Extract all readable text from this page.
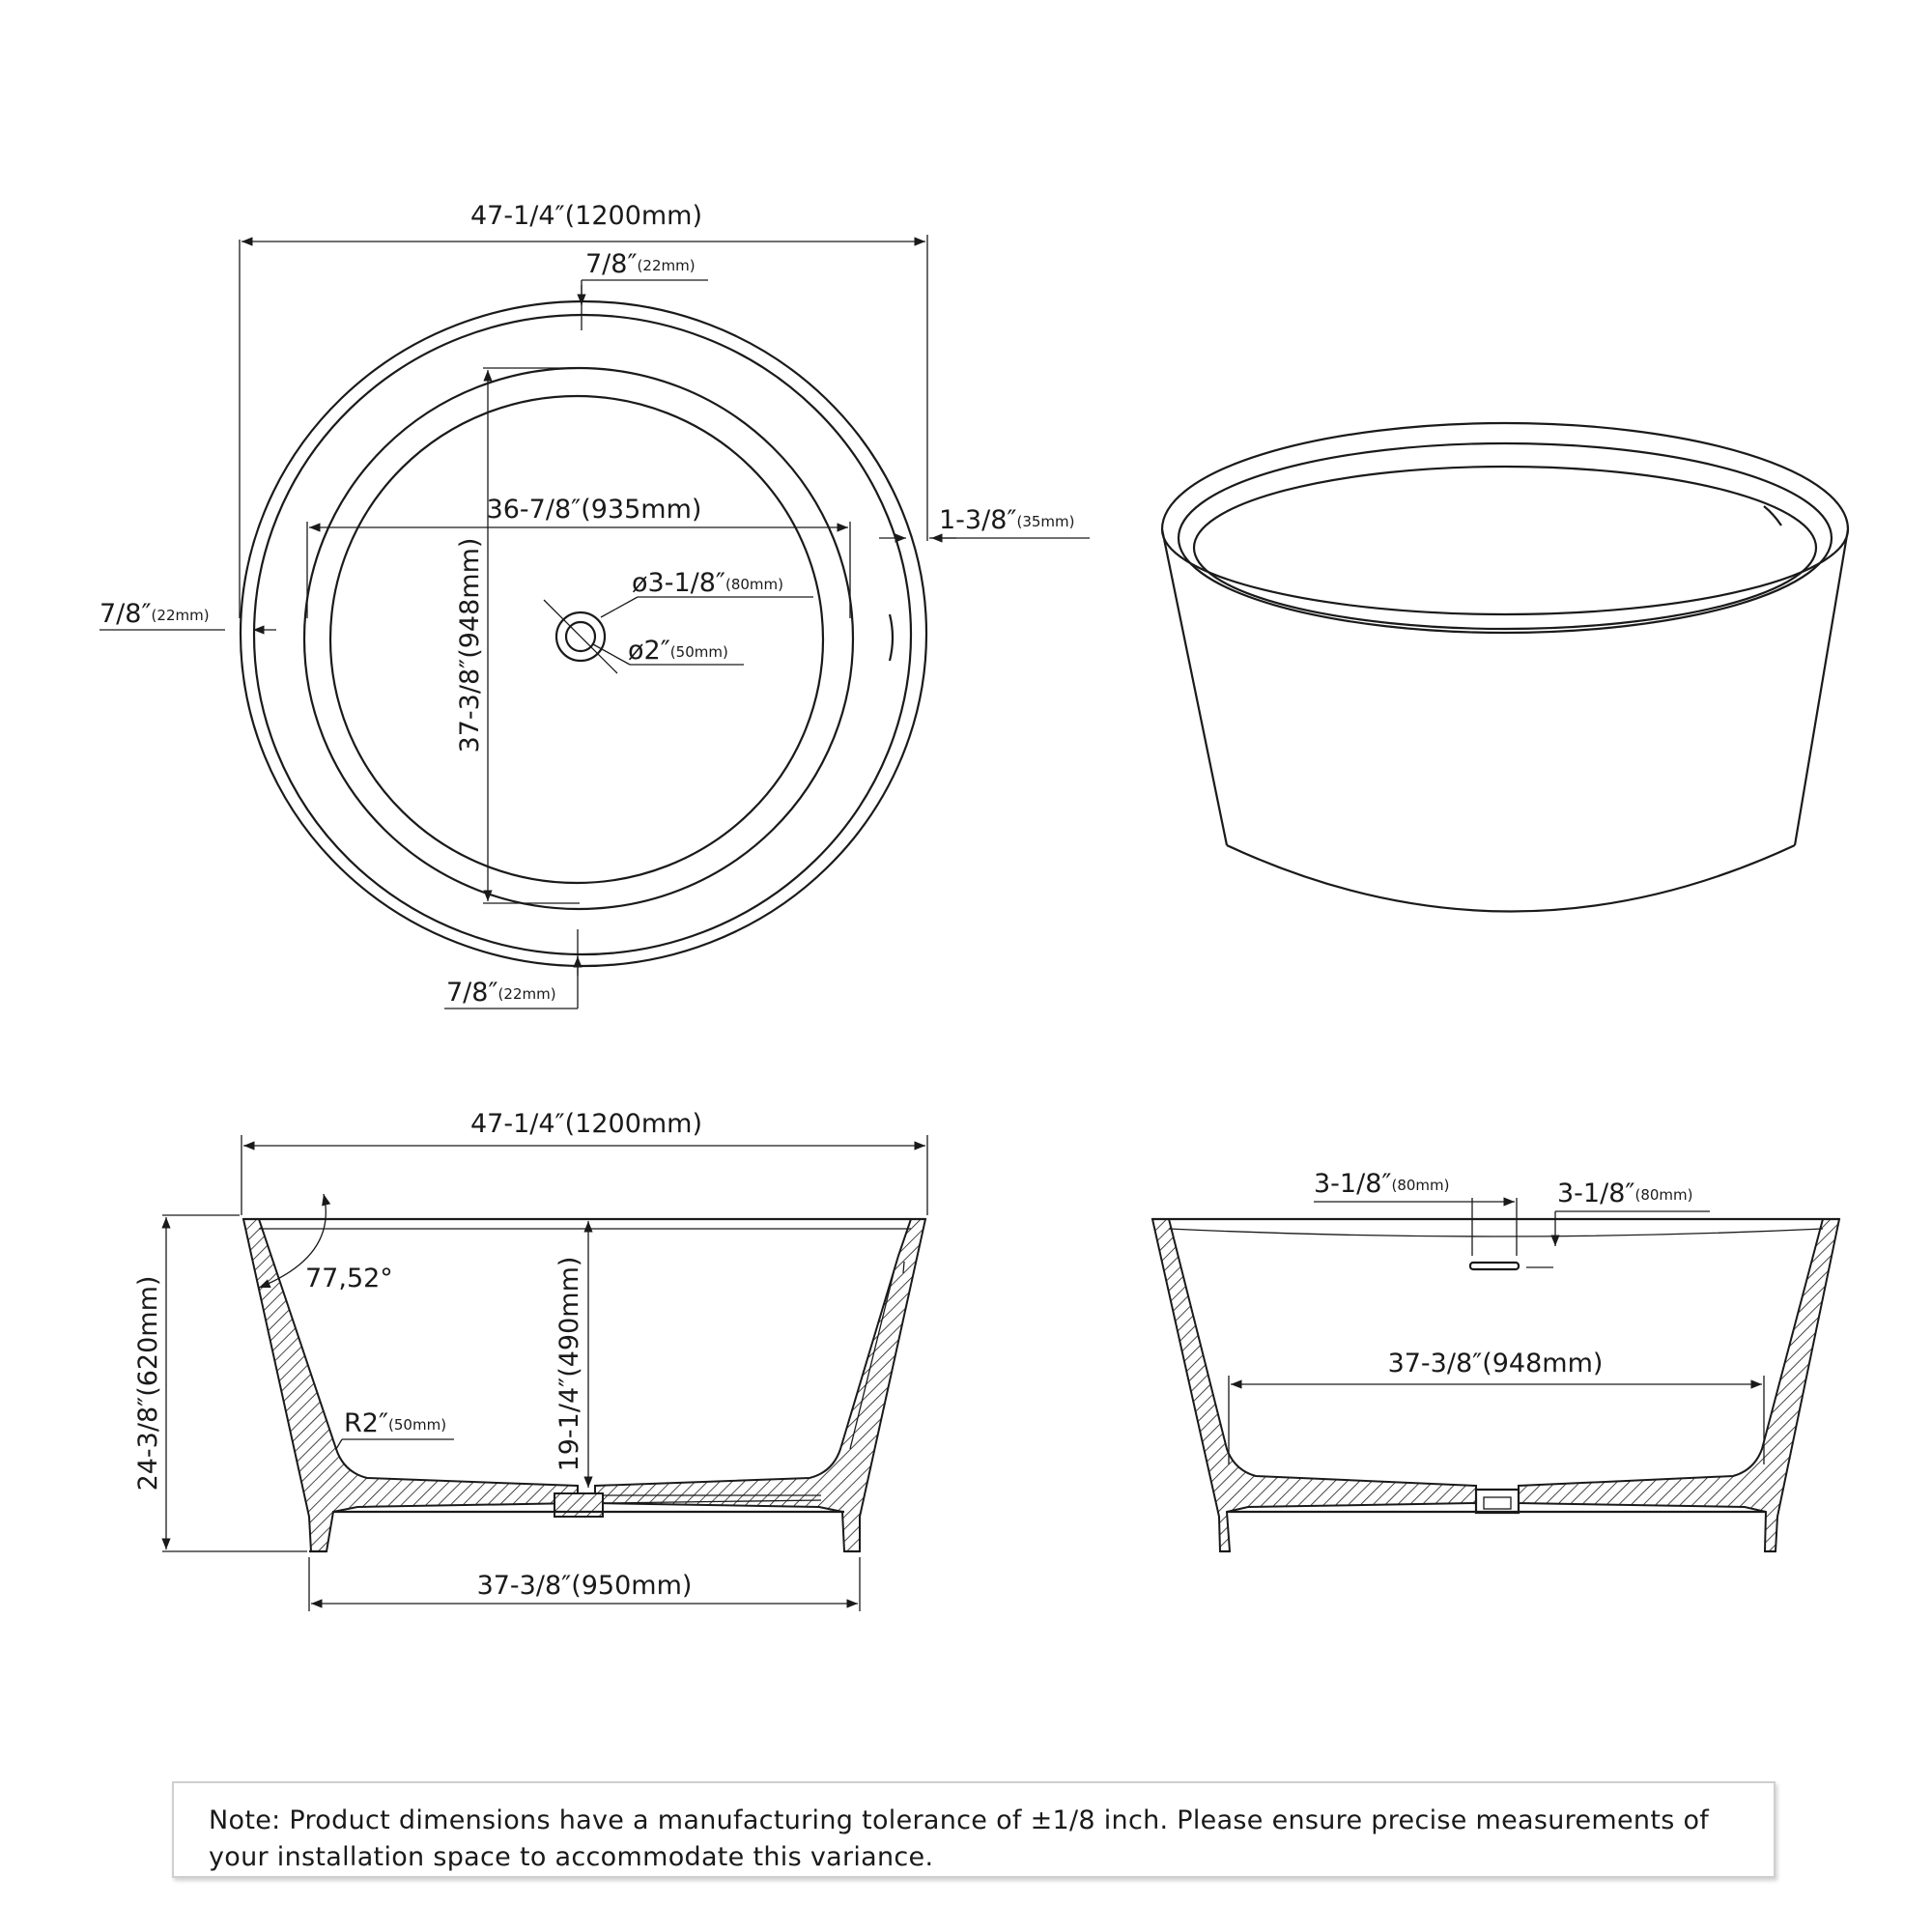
47-1/4″(1200mm)
7/8″(22mm)
36-7/8″(935mm)
37-3/8″(948mm)
1-3/8″(35mm)
7/8″(22mm)
ø3-1/8″(80mm)
ø2″(50mm)
7/8″(22mm)
47-1/4″(1200mm)
24-3/8″(620mm)	19-1/4″(490mm)
77,52°
R2″(50mm)
37-3/8″(950mm)
3-1/8″(80mm)	3-1/8″(80mm)
37-3/8″(948mm)
Note: Product dimensions have a manufacturing tolerance of ±1/8 inch. Please ensure precise measurements of your installation space to accommodate this variance.
